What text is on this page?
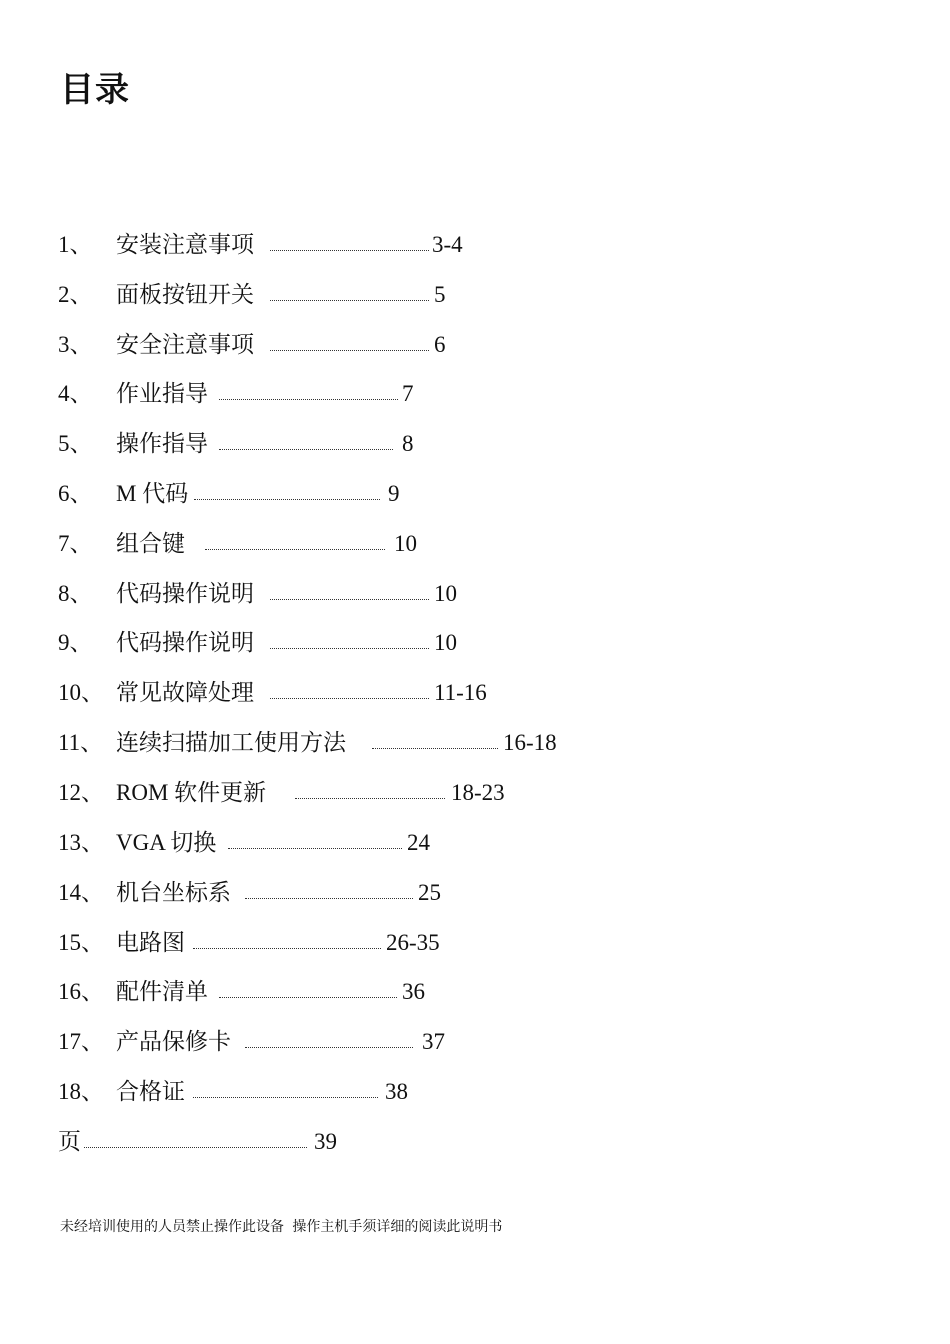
目录
1、 安装注意事项	3-4
2、 面板按钮开关	5
3、 安全注意事项	6
4、 作业指导	7
5、 操作指导	8
6、 M 代码	9
7、 组合键	10
8、 代码操作说明	10
9、 代码操作说明	10
10、 常见故障处理	11-16
11、 连续扫描加工使用方法	16-18
12、 ROM 软件更新	18-23
13、 VGA 切换	24
14、 机台坐标系	25
15、 电路图	26-35
16、 配件清单	36
17、 产品保修卡	37
18、 合格证	38
页	39
未经培训使用的人员禁止操作此设备 操作主机手须详细的阅读此说明书
